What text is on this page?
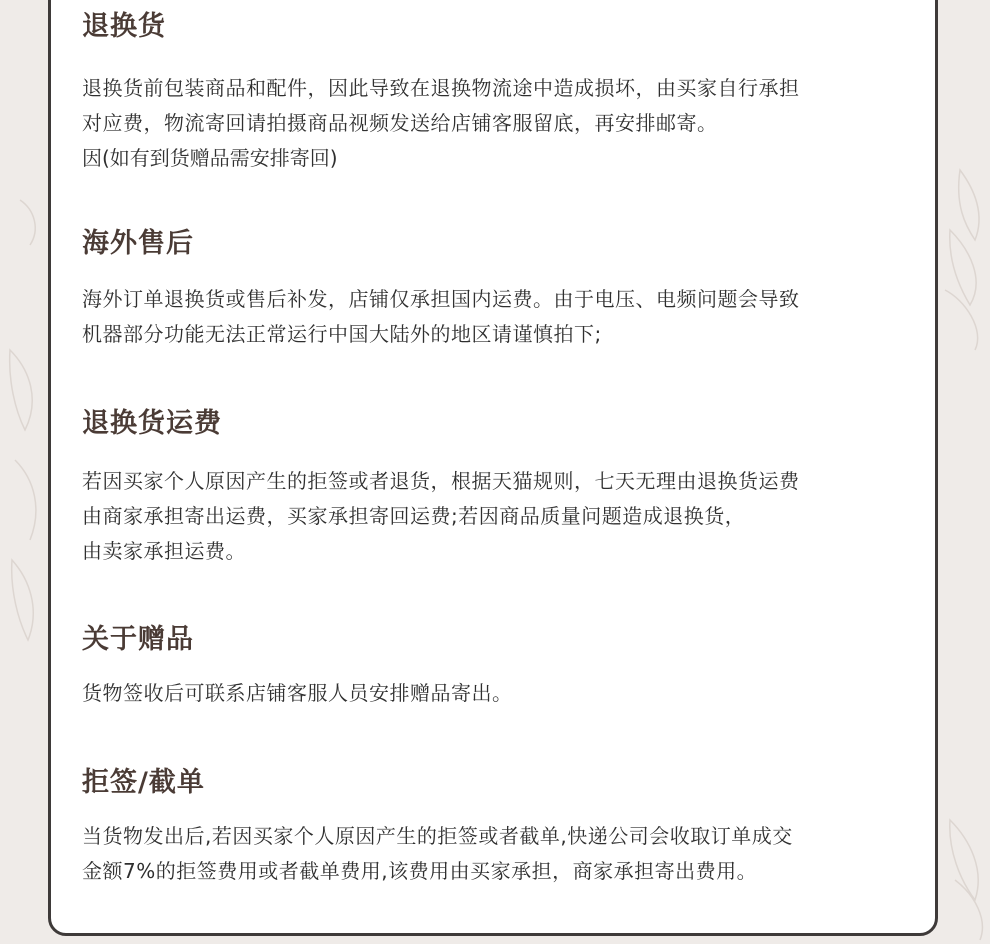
退换货

退换货前包装商品和配件，因此导致在退换物流途中造成损坏，由买家自行承担
对应费，物流寄回请拍摄商品视频发送给店铺客服留底，再安排邮寄。
因(如有到货赠品需安排寄回)

海外售后

海外订单退换货或售后补发，店铺仅承担国内运费。由于电压、电频问题会导致
机器部分功能无法正常运行中国大陆外的地区请谨慎拍下;

退换货运费

若因买家个人原因产生的拒签或者退货，根据天猫规则，七天无理由退换货运费
由商家承担寄出运费，买家承担寄回运费;若因商品质量问题造成退换货，
由卖家承担运费。

关于赠品

货物签收后可联系店铺客服人员安排赠品寄出。

拒签/截单

当货物发出后,若因买家个人原因产生的拒签或者截单,快递公司会收取订单成交
金额7%的拒签费用或者截单费用,该费用由买家承担，商家承担寄出费用。
